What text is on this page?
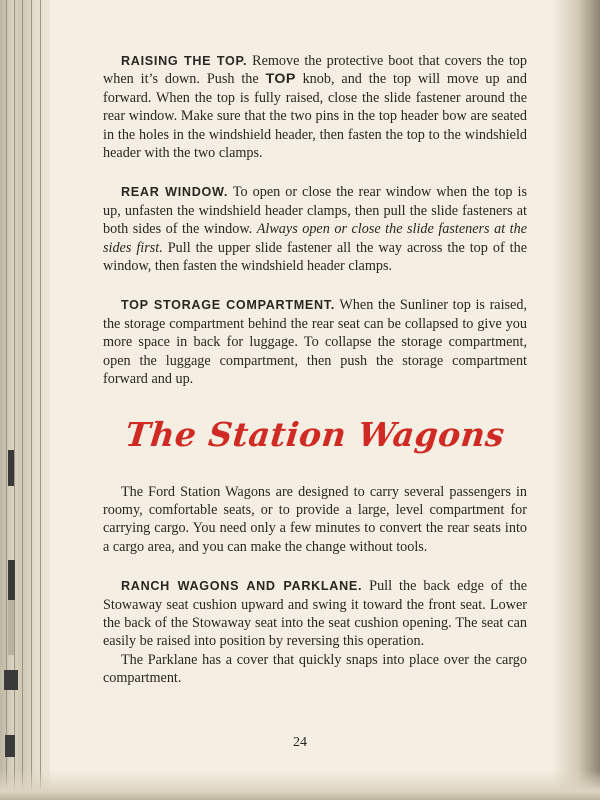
RAISING THE TOP. Remove the protective boot that covers the top when it’s down. Push the TOP knob, and the top will move up and forward. When the top is fully raised, close the slide fastener around the rear window. Make sure that the two pins in the top header bow are seated in the holes in the windshield header, then fasten the top to the windshield header with the two clamps.

REAR WINDOW. To open or close the rear window when the top is up, unfasten the windshield header clamps, then pull the slide fasteners at both sides of the window. Always open or close the slide fasteners at the sides first. Pull the upper slide fastener all the way across the top of the window, then fasten the windshield header clamps.

TOP STORAGE COMPARTMENT. When the Sunliner top is raised, the storage compartment behind the rear seat can be collapsed to give you more space in back for luggage. To collapse the storage compartment, open the luggage compartment, then push the storage compartment forward and up.

The Station Wagons

The Ford Station Wagons are designed to carry several passengers in roomy, comfortable seats, or to provide a large, level compartment for carrying cargo. You need only a few minutes to convert the rear seats into a cargo area, and you can make the change without tools.

RANCH WAGONS AND PARKLANE. Pull the back edge of the Stowaway seat cushion upward and swing it toward the front seat. Lower the back of the Stowaway seat into the seat cushion opening. The seat can easily be raised into position by reversing this operation.

The Parklane has a cover that quickly snaps into place over the cargo compartment.

24
